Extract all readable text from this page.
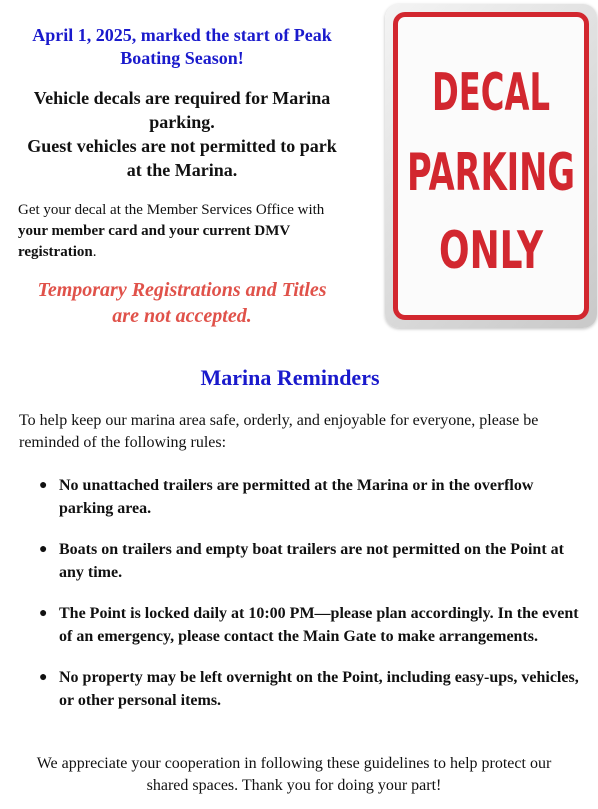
April 1, 2025, marked the start of Peak Boating Season!

Vehicle decals are required for Marina parking.
Guest vehicles are not permitted to park at the Marina.

Get your decal at the Member Services Office with your member card and your current DMV registration.

Temporary Registrations and Titles
are not accepted.

DECAL
PARKING
ONLY
Marina Reminders
To help keep our marina area safe, orderly, and enjoyable for everyone, please be reminded of the following rules:
● No unattached trailers are permitted at the Marina or in the overflow parking area.
● Boats on trailers and empty boat trailers are not permitted on the Point at any time.
● The Point is locked daily at 10:00 PM—please plan accordingly. In the event of an emergency, please contact the Main Gate to make arrangements.
● No property may be left overnight on the Point, including easy-ups, vehicles, or other personal items.
We appreciate your cooperation in following these guidelines to help protect our shared spaces. Thank you for doing your part!
